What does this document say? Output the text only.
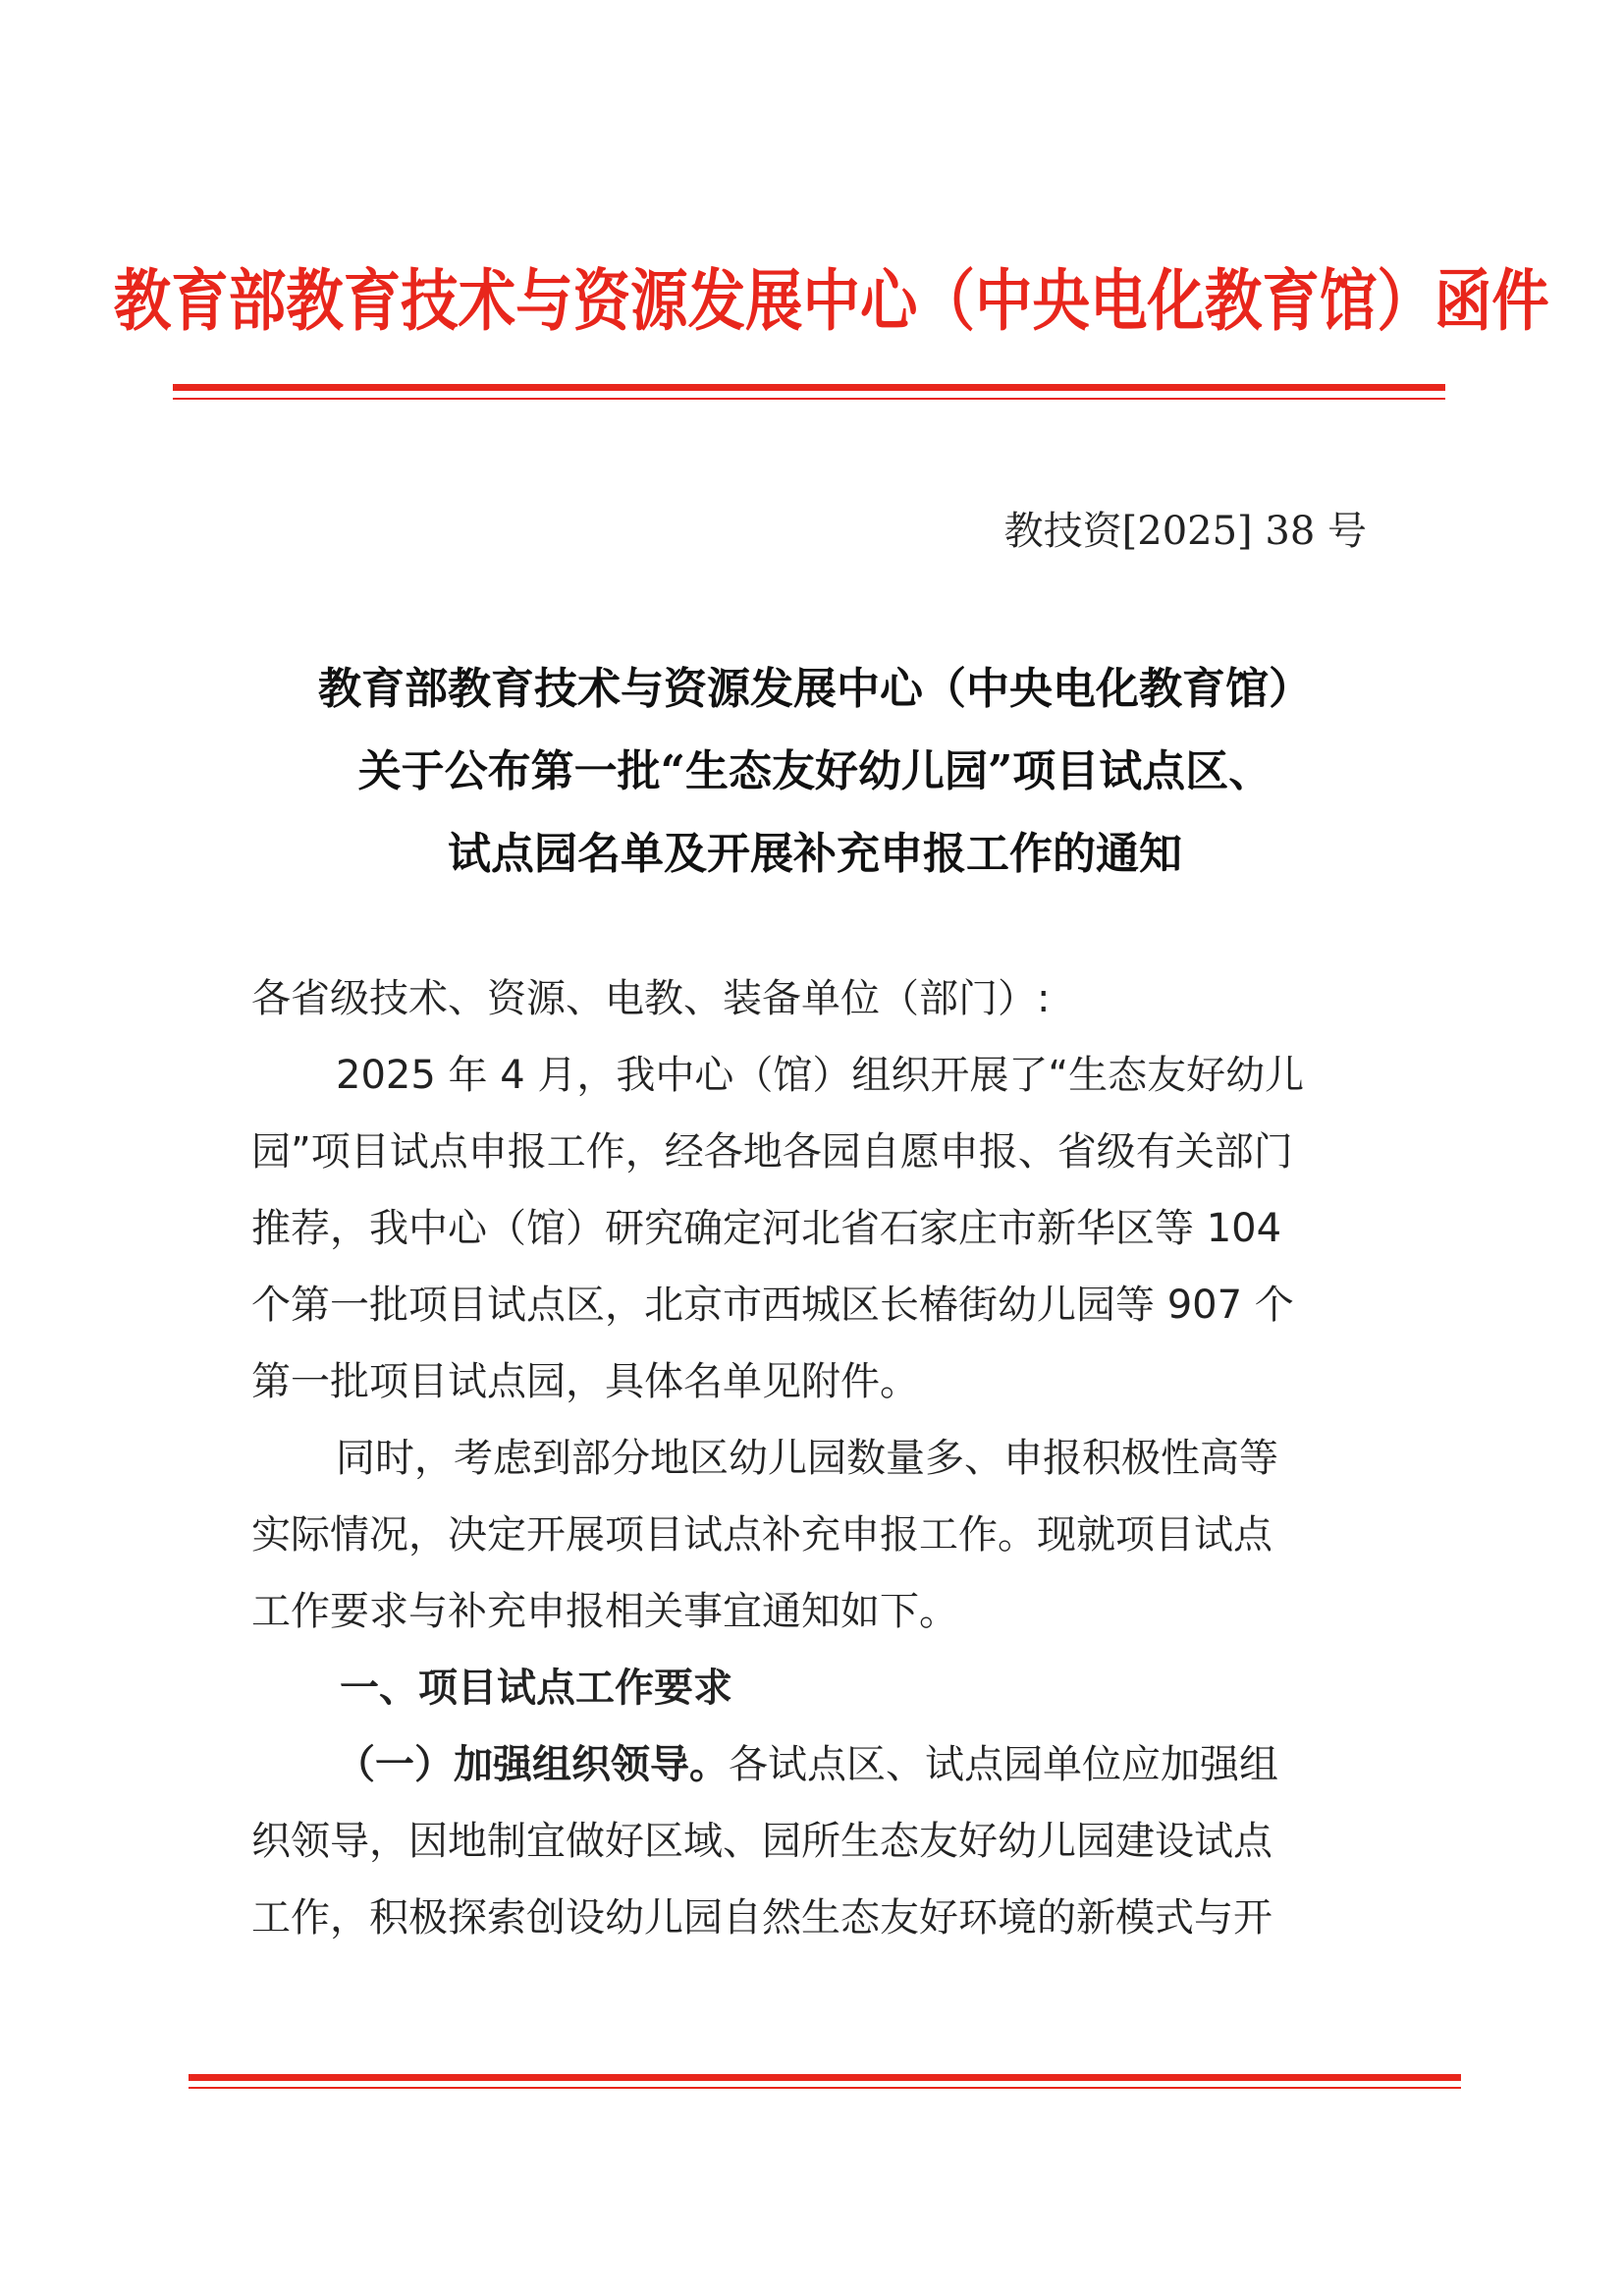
教育部教育技术与资源发展中心（中央电化教育馆）函件
教技资[2025] 38 号
教育部教育技术与资源发展中心（中央电化教育馆）
关于公布第一批“生态友好幼儿园”项目试点区、
试点园名单及开展补充申报工作的通知
各省级技术、资源、电教、装备单位（部门）:
2025 年 4 月，我中心（馆）组织开展了“生态友好幼儿
园”项目试点申报工作，经各地各园自愿申报、省级有关部门
推荐，我中心（馆）研究确定河北省石家庄市新华区等 104
个第一批项目试点区，北京市西城区长椿街幼儿园等 907 个
第一批项目试点园，具体名单见附件。
同时，考虑到部分地区幼儿园数量多、申报积极性高等
实际情况，决定开展项目试点补充申报工作。现就项目试点
工作要求与补充申报相关事宜通知如下。
一、项目试点工作要求
（一）加强组织领导。各试点区、试点园单位应加强组
织领导，因地制宜做好区域、园所生态友好幼儿园建设试点
工作，积极探索创设幼儿园自然生态友好环境的新模式与开
